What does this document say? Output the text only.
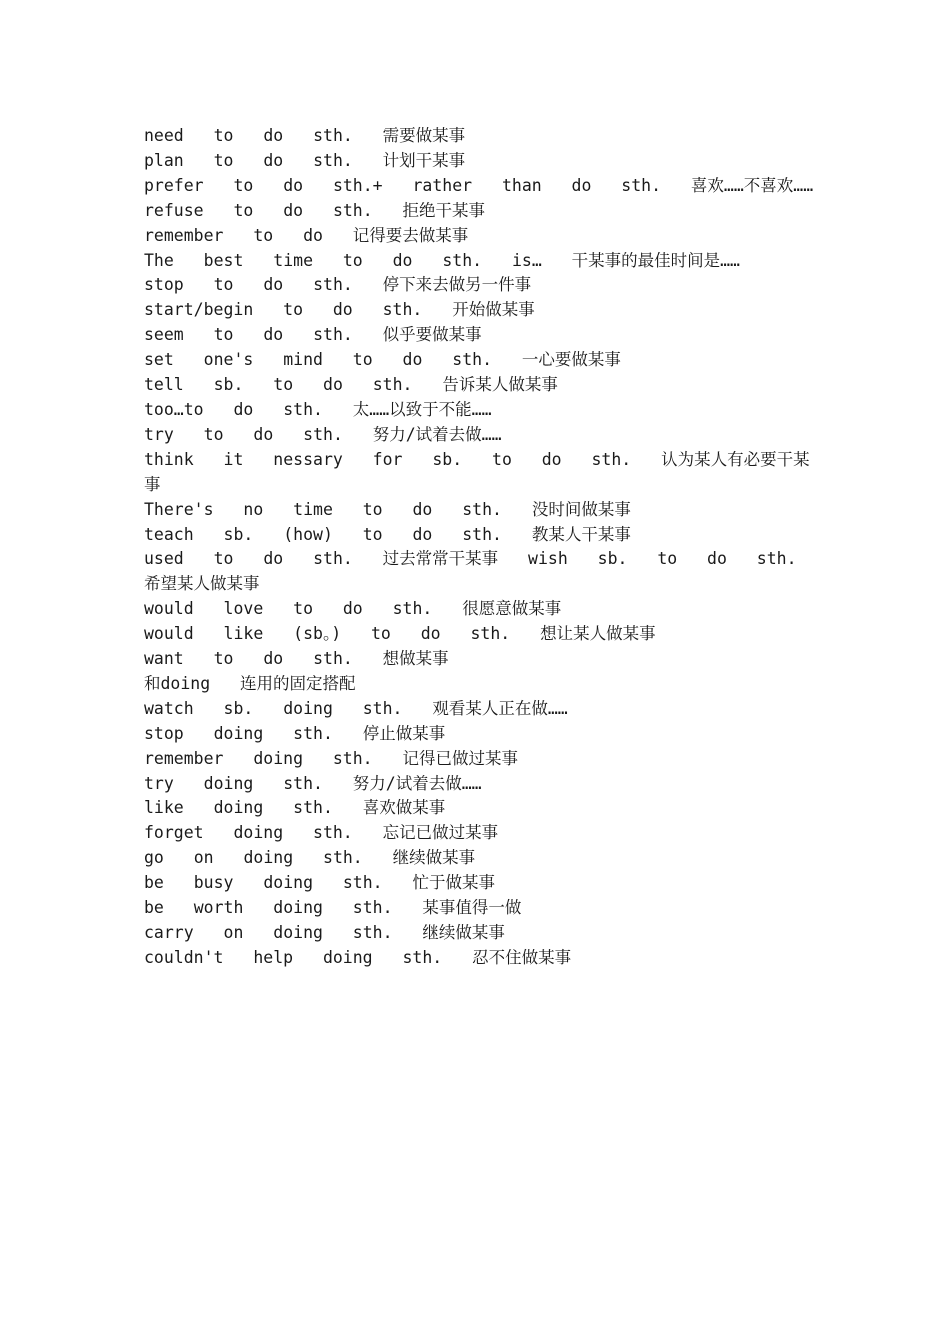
need  to  do  sth.  需要做某事
plan  to  do  sth.  计划干某事
prefer  to  do  sth.+  rather  than  do  sth.  喜欢……不喜欢……
refuse  to  do  sth.  拒绝干某事
remember  to  do  记得要去做某事
The  best  time  to  do  sth.  is…  干某事的最佳时间是……
stop  to  do  sth.  停下来去做另一件事
start/begin  to  do  sth.  开始做某事
seem  to  do  sth.  似乎要做某事
set  one's  mind  to  do  sth.  一心要做某事
tell  sb.  to  do  sth.  告诉某人做某事
too…to  do  sth.  太……以致于不能……
try  to  do  sth.  努力/试着去做……
think  it  nessary  for  sb.  to  do  sth.  认为某人有必要干某事
There's  no  time  to  do  sth.  没时间做某事
teach  sb.  (how)  to  do  sth.  教某人干某事
used  to  do  sth.  过去常常干某事  wish  sb.  to  do  sth.  希望某人做某事
would  love  to  do  sth.  很愿意做某事
would  like  (sb。)  to  do  sth.  想让某人做某事
want  to  do  sth.  想做某事
和doing  连用的固定搭配
watch  sb.  doing  sth.  观看某人正在做……
stop  doing  sth.  停止做某事
remember  doing  sth.  记得已做过某事
try  doing  sth.  努力/试着去做……
like  doing  sth.  喜欢做某事
forget  doing  sth.  忘记已做过某事
go  on  doing  sth.  继续做某事
be  busy  doing  sth.  忙于做某事
be  worth  doing  sth.  某事值得一做
carry  on  doing  sth.  继续做某事
couldn't  help  doing  sth.  忍不住做某事
